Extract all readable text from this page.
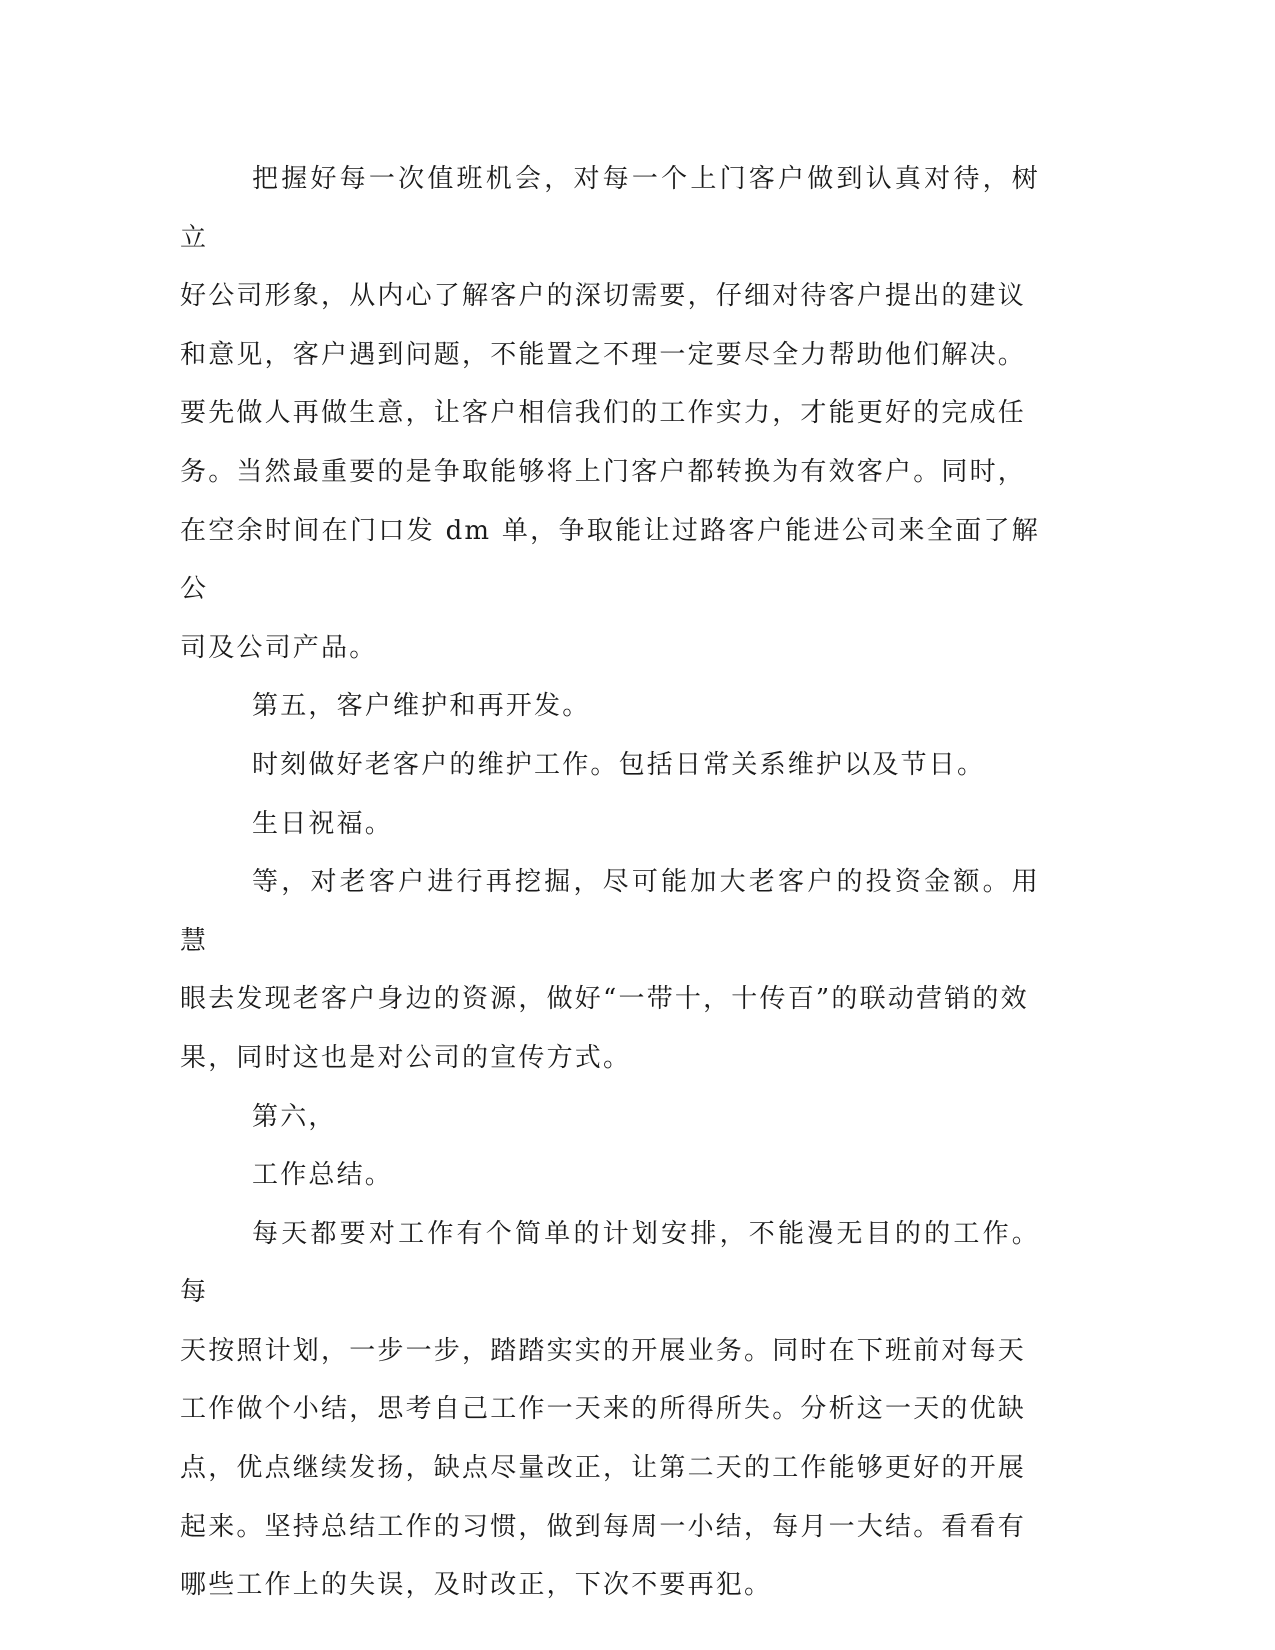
把握好每一次值班机会，对每一个上门客户做到认真对待，树立
好公司形象，从内心了解客户的深切需要，仔细对待客户提出的建议
和意见，客户遇到问题，不能置之不理一定要尽全力帮助他们解决。
要先做人再做生意，让客户相信我们的工作实力，才能更好的完成任
务。当然最重要的是争取能够将上门客户都转换为有效客户。同时，
在空余时间在门口发 dm 单，争取能让过路客户能进公司来全面了解公
司及公司产品。

第五，客户维护和再开发。

时刻做好老客户的维护工作。包括日常关系维护以及节日。

生日祝福。

等，对老客户进行再挖掘，尽可能加大老客户的投资金额。用慧
眼去发现老客户身边的资源，做好“一带十，十传百”的联动营销的效
果，同时这也是对公司的宣传方式。

第六，

工作总结。

每天都要对工作有个简单的计划安排，不能漫无目的的工作。每
天按照计划，一步一步，踏踏实实的开展业务。同时在下班前对每天
工作做个小结，思考自己工作一天来的所得所失。分析这一天的优缺
点，优点继续发扬，缺点尽量改正，让第二天的工作能够更好的开展
起来。坚持总结工作的习惯，做到每周一小结，每月一大结。看看有
哪些工作上的失误，及时改正，下次不要再犯。
